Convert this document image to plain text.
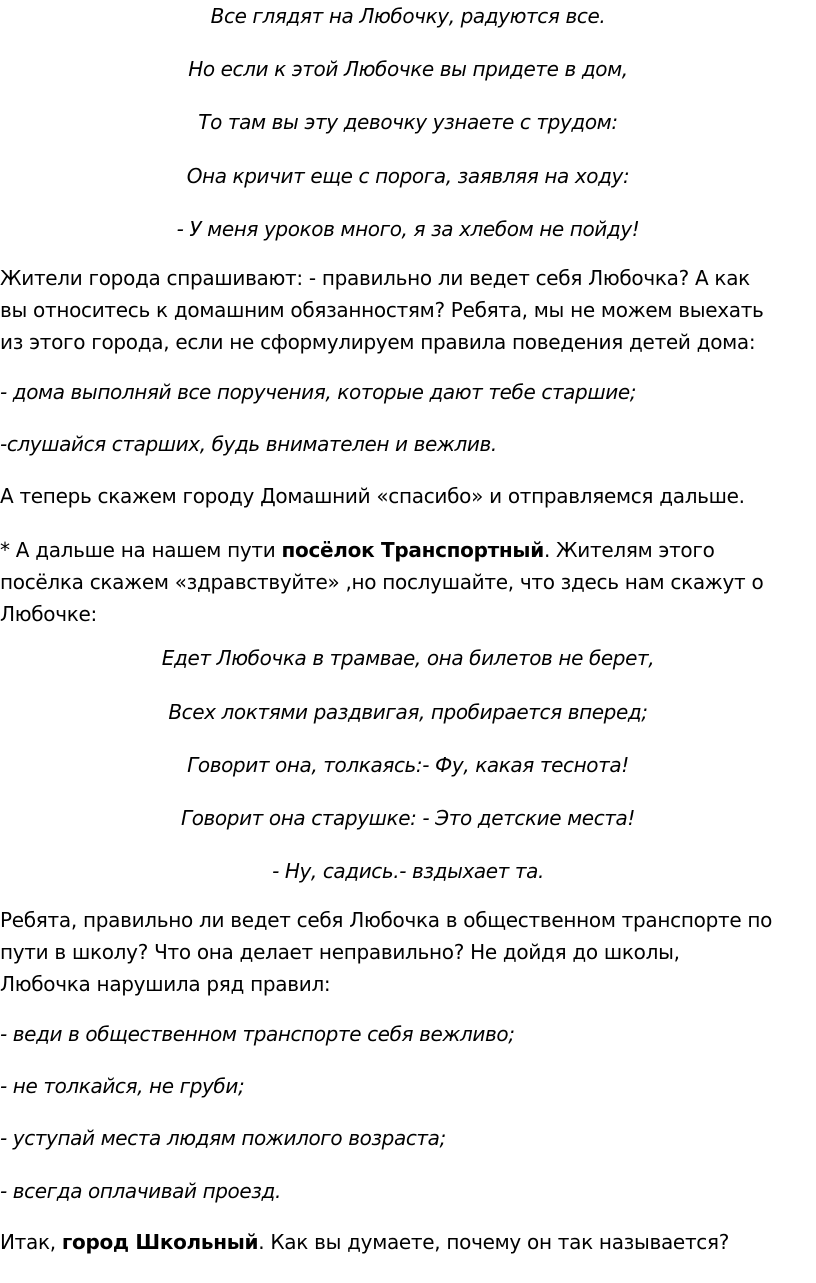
Все глядят на Любочку, радуются все.

Но если к этой Любочке вы придете в дом,

То там вы эту девочку узнаете с трудом:

Она кричит еще с порога, заявляя на ходу:

- У меня уроков много, я за хлебом не пойду!

Жители города спрашивают: - правильно ли ведет себя Любочка? А как
вы относитесь к домашним обязанностям? Ребята, мы не можем выехать
из этого города, если не сформулируем правила поведения детей дома:

- дома выполняй все поручения, которые дают тебе старшие;

-слушайся старших, будь внимателен и вежлив.

А теперь скажем городу Домашний «спасибо» и отправляемся дальше.

* А дальше на нашем пути посёлок Транспортный. Жителям этого
посёлка скажем «здравствуйте» ,но послушайте, что здесь нам скажут о
Любочке:

Едет Любочка в трамвае, она билетов не берет,

Всех локтями раздвигая, пробирается вперед;

Говорит она, толкаясь:- Фу, какая теснота!

Говорит она старушке: - Это детские места!

- Ну, садись.- вздыхает та.

Ребята, правильно ли ведет себя Любочка в общественном транспорте по
пути в школу? Что она делает неправильно? Не дойдя до школы,
Любочка нарушила ряд правил:

- веди в общественном транспорте себя вежливо;

- не толкайся, не груби;

- уступай места людям пожилого возраста;

- всегда оплачивай проезд.

Итак, город Школьный. Как вы думаете, почему он так называется?
